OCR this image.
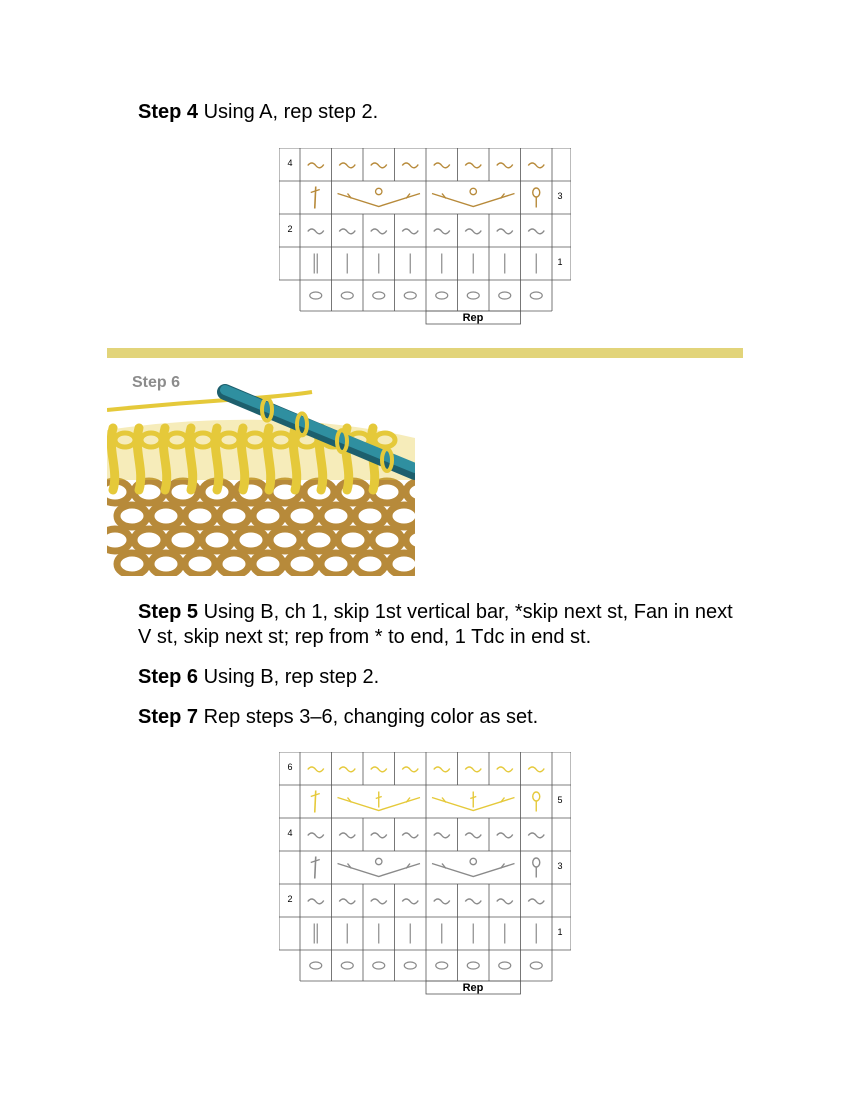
Step 4 Using A, rep step 2.

4
3
2
1
Rep
Step 6

Step 5 Using B, ch 1, skip 1st vertical bar, *skip next st, Fan in next V st, skip next st; rep from * to end, 1 Tdc in end st.

Step 6 Using B, rep step 2.

Step 7 Rep steps 3–6, changing color as set.

6
5
4
3
2
1
Rep
